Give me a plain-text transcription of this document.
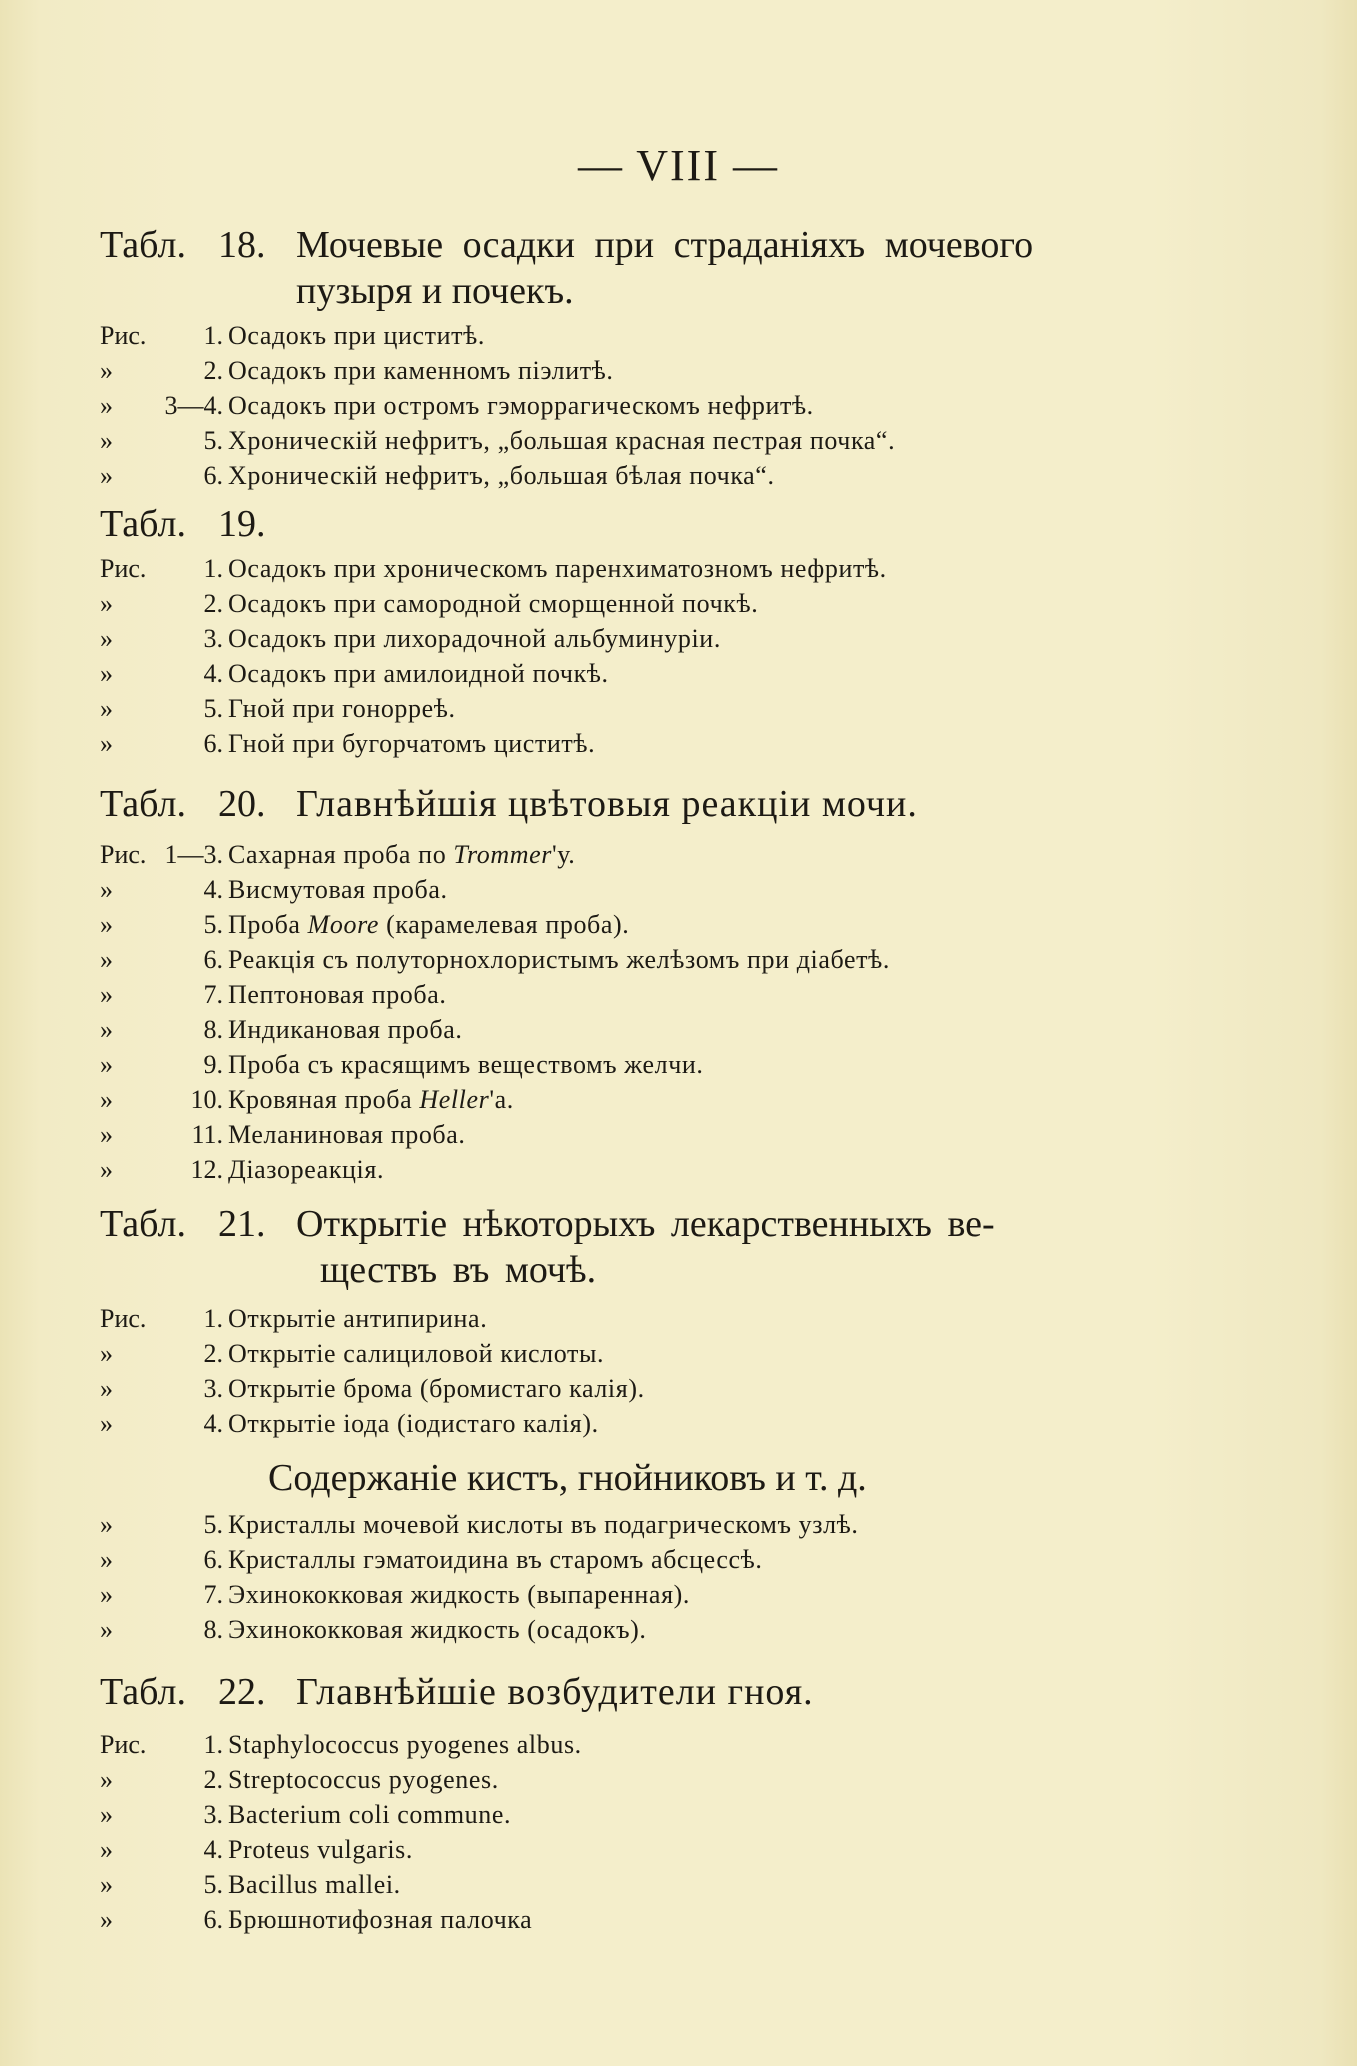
— VIII —
Табл. 18. Мочевые осадки при страданіяхъ мочевого
пузыря и почекъ.
Рис.	1. Осадокъ при циститѣ.
»	2. Осадокъ при каменномъ піэлитѣ.
»	3—4. Осадокъ при остромъ гэморрагическомъ нефритѣ.
»	5. Хроническій нефритъ, „большая красная пестрая почка“.
»	6. Хроническій нефритъ, „большая бѣлая почка“.
Табл. 19.
Рис.	1. Осадокъ при хроническомъ паренхиматозномъ нефритѣ.
»	2. Осадокъ при самородной сморщенной почкѣ.
»	3. Осадокъ при лихорадочной альбуминуріи.
»	4. Осадокъ при амилоидной почкѣ.
»	5. Гной при гонорреѣ.
»	6. Гной при бугорчатомъ циститѣ.
Табл. 20. Главнѣйшія цвѣтовыя реакціи мочи.
Рис. 1—3. Сахарная проба по Trommer'у.
»	4. Висмутовая проба.
»	5. Проба Moore (карамелевая проба).
»	6. Реакція съ полуторнохлористымъ желѣзомъ при діабетѣ.
»	7. Пептоновая проба.
»	8. Индикановая проба.
»	9. Проба съ красящимъ веществомъ желчи.
»	10. Кровяная проба Heller'а.
»	11. Меланиновая проба.
»	12. Діазореакція.
Табл. 21. Открытіе нѣкоторыхъ лекарственныхъ ве-
ществъ въ мочѣ.
Рис.	1. Открытіе антипирина.
»	2. Открытіе салициловой кислоты.
»	3. Открытіе брома (бромистаго калія).
»	4. Открытіе іода (іодистаго калія).
Содержаніе кистъ, гнойниковъ и т. д.
»	5. Кристаллы мочевой кислоты въ подагрическомъ узлѣ.
»	6. Кристаллы гэматоидина въ старомъ абсцессѣ.
»	7. Эхинококковая жидкость (выпаренная).
»	8. Эхинококковая жидкость (осадокъ).
Табл. 22. Главнѣйшіе возбудители гноя.
Рис.	1. Staphylococcus pyogenes albus.
»	2. Streptococcus pyogenes.
»	3. Bacterium coli commune.
»	4. Proteus vulgaris.
»	5. Bacillus mallei.
»	6. Брюшнотифозная палочка
